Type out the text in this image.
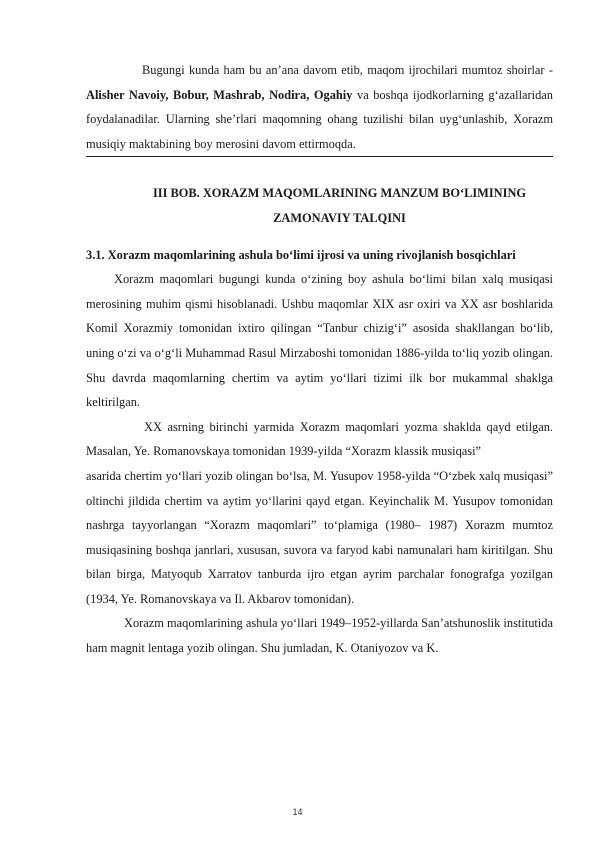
Bugungi kunda ham bu an’ana davom etib, maqom ijrochilari mumtoz shoirlar - Alisher Navoiy, Bobur, Mashrab, Nodira, Ogahiy va boshqa ijodkorlarning g‘azallaridan foydalanadilar. Ularning she’rlari maqomning ohang tuzilishi bilan uyg‘unlashib, Xorazm musiqiy maktabining boy merosini davom ettirmoqda.

III BOB. XORAZM MAQOMLARINING MANZUM BO‘LIMINING ZAMONAVIY TALQINI

3.1. Xorazm maqomlarining ashula bo‘limi ijrosi va uning rivojlanish bosqichlari

Xorazm maqomlari bugungi kunda o‘zining boy ashula bo‘limi bilan xalq musiqasi merosining muhim qismi hisoblanadi. Ushbu maqomlar XIX asr oxiri va XX asr boshlarida Komil Xorazmiy tomonidan ixtiro qilingan “Tanbur chizig‘i” asosida shakllangan bo‘lib, uning o‘zi va o‘g‘li Muhammad Rasul Mirzaboshi tomonidan 1886-yilda to‘liq yozib olingan. Shu davrda maqomlarning chertim va aytim yo‘llari tizimi ilk bor mukammal shaklga keltirilgan.

XX asrning birinchi yarmida Xorazm maqomlari yozma shaklda qayd etilgan. Masalan, Ye. Romanovskaya tomonidan 1939-yilda “Xorazm klassik musiqasi”

asarida chertim yo‘llari yozib olingan bo‘lsa, M. Yusupov 1958-yilda “O‘zbek xalq musiqasi” oltinchi jildida chertim va aytim yo‘llarini qayd etgan. Keyinchalik M. Yusupov tomonidan nashrga tayyorlangan “Xorazm maqomlari” to‘plamiga (1980– 1987) Xorazm mumtoz musiqasining boshqa janrlari, xususan, suvora va faryod kabi namunalari ham kiritilgan. Shu bilan birga, Matyoqub Xarratov tanburda ijro etgan ayrim parchalar fonografga yozilgan (1934, Ye. Romanovskaya va Il. Akbarov tomonidan).

Xorazm maqomlarining ashula yo‘llari 1949–1952-yillarda San’atshunoslik institutida ham magnit lentaga yozib olingan. Shu jumladan, K. Otaniyozov va K.

14
